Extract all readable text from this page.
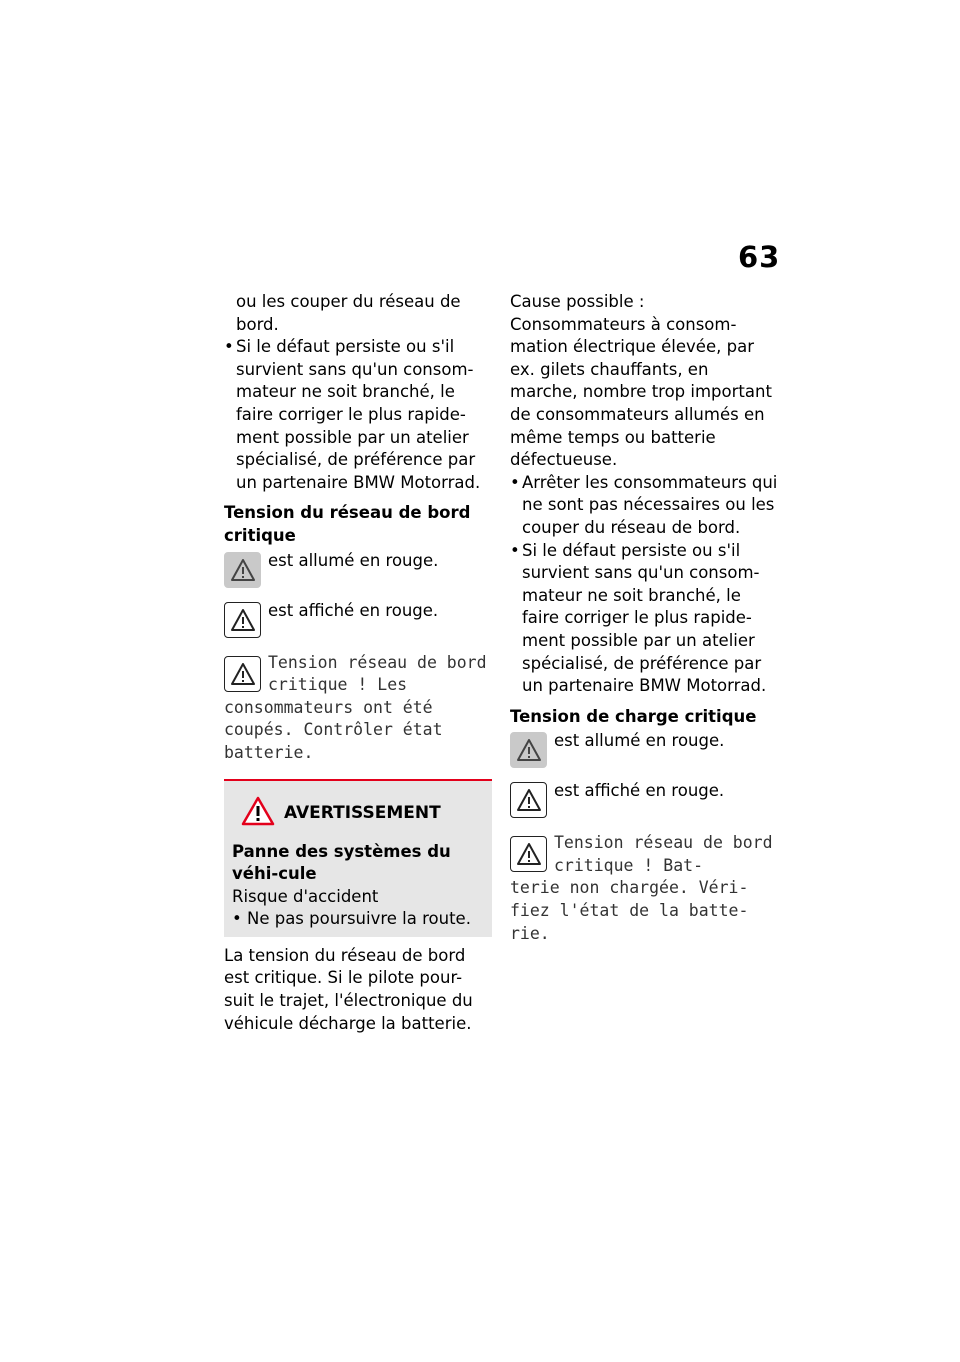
63

ou les couper du réseau de bord.

• Si le défaut persiste ou s'il survient sans qu'un consom-mateur ne soit branché, le faire corriger le plus rapide-ment possible par un atelier spécialisé, de préférence par un partenaire BMW Motorrad.

Tension du réseau de bord critique

est allumé en rouge.

est affiché en rouge.

Tension réseau de bord critique ! Les
consommateurs ont été coupés. Contrôler état batterie.

AVERTISSEMENT

Panne des systèmes du véhi-cule

Risque d'accident

• Ne pas poursuivre la route.

La tension du réseau de bord est critique. Si le pilote pour-suit le trajet, l'électronique du véhicule décharge la batterie.

Cause possible : Consommateurs à consom-mation électrique élevée, par ex. gilets chauffants, en marche, nombre trop important de consommateurs allumés en même temps ou batterie défectueuse.

• Arrêter les consommateurs qui ne sont pas nécessaires ou les couper du réseau de bord.

• Si le défaut persiste ou s'il survient sans qu'un consom-mateur ne soit branché, le faire corriger le plus rapide-ment possible par un atelier spécialisé, de préférence par un partenaire BMW Motorrad.

Tension de charge critique

est allumé en rouge.

est affiché en rouge.

Tension réseau de bord critique ! Bat-
terie non chargée. Véri-fiez l'état de la batte-rie.
